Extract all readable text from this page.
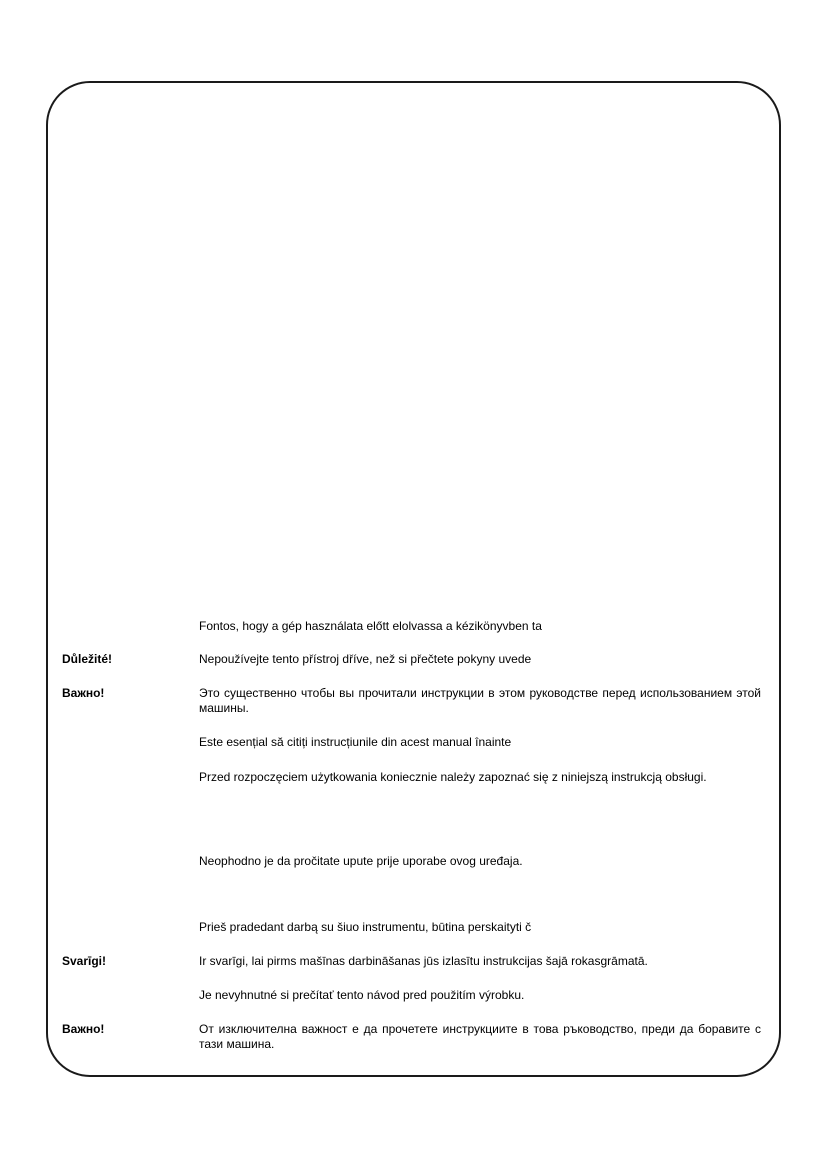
Fontos, hogy a gép használata előtt elolvassa a kézikönyvben ta
Důležité!	Nepoužívejte tento přístroj dříve, než si přečtete pokyny uvede
Важно!	Это существенно чтобы вы прочитали инструкции в этом руководстве перед использованием этой машины.
Este esențial să citiți instrucțiunile din acest manual înainte
Przed rozpoczęciem użytkowania koniecznie należy zapoznać się z niniejszą instrukcją obsługi.
Neophodno je da pročitate upute prije uporabe ovog uređaja.
Prieš pradedant darbą su šiuo instrumentu, būtina perskaityti č
Svarīgi!	Ir svarīgi, lai pirms mašīnas darbināšanas jūs izlasītu instrukcijas šajā rokasgrāmatā.
Je nevyhnutné si prečítať tento návod pred použitím výrobku.
Важно!	От изключителна важност е да прочетете инструкциите в това ръководство, преди да боравите с тази машина.
